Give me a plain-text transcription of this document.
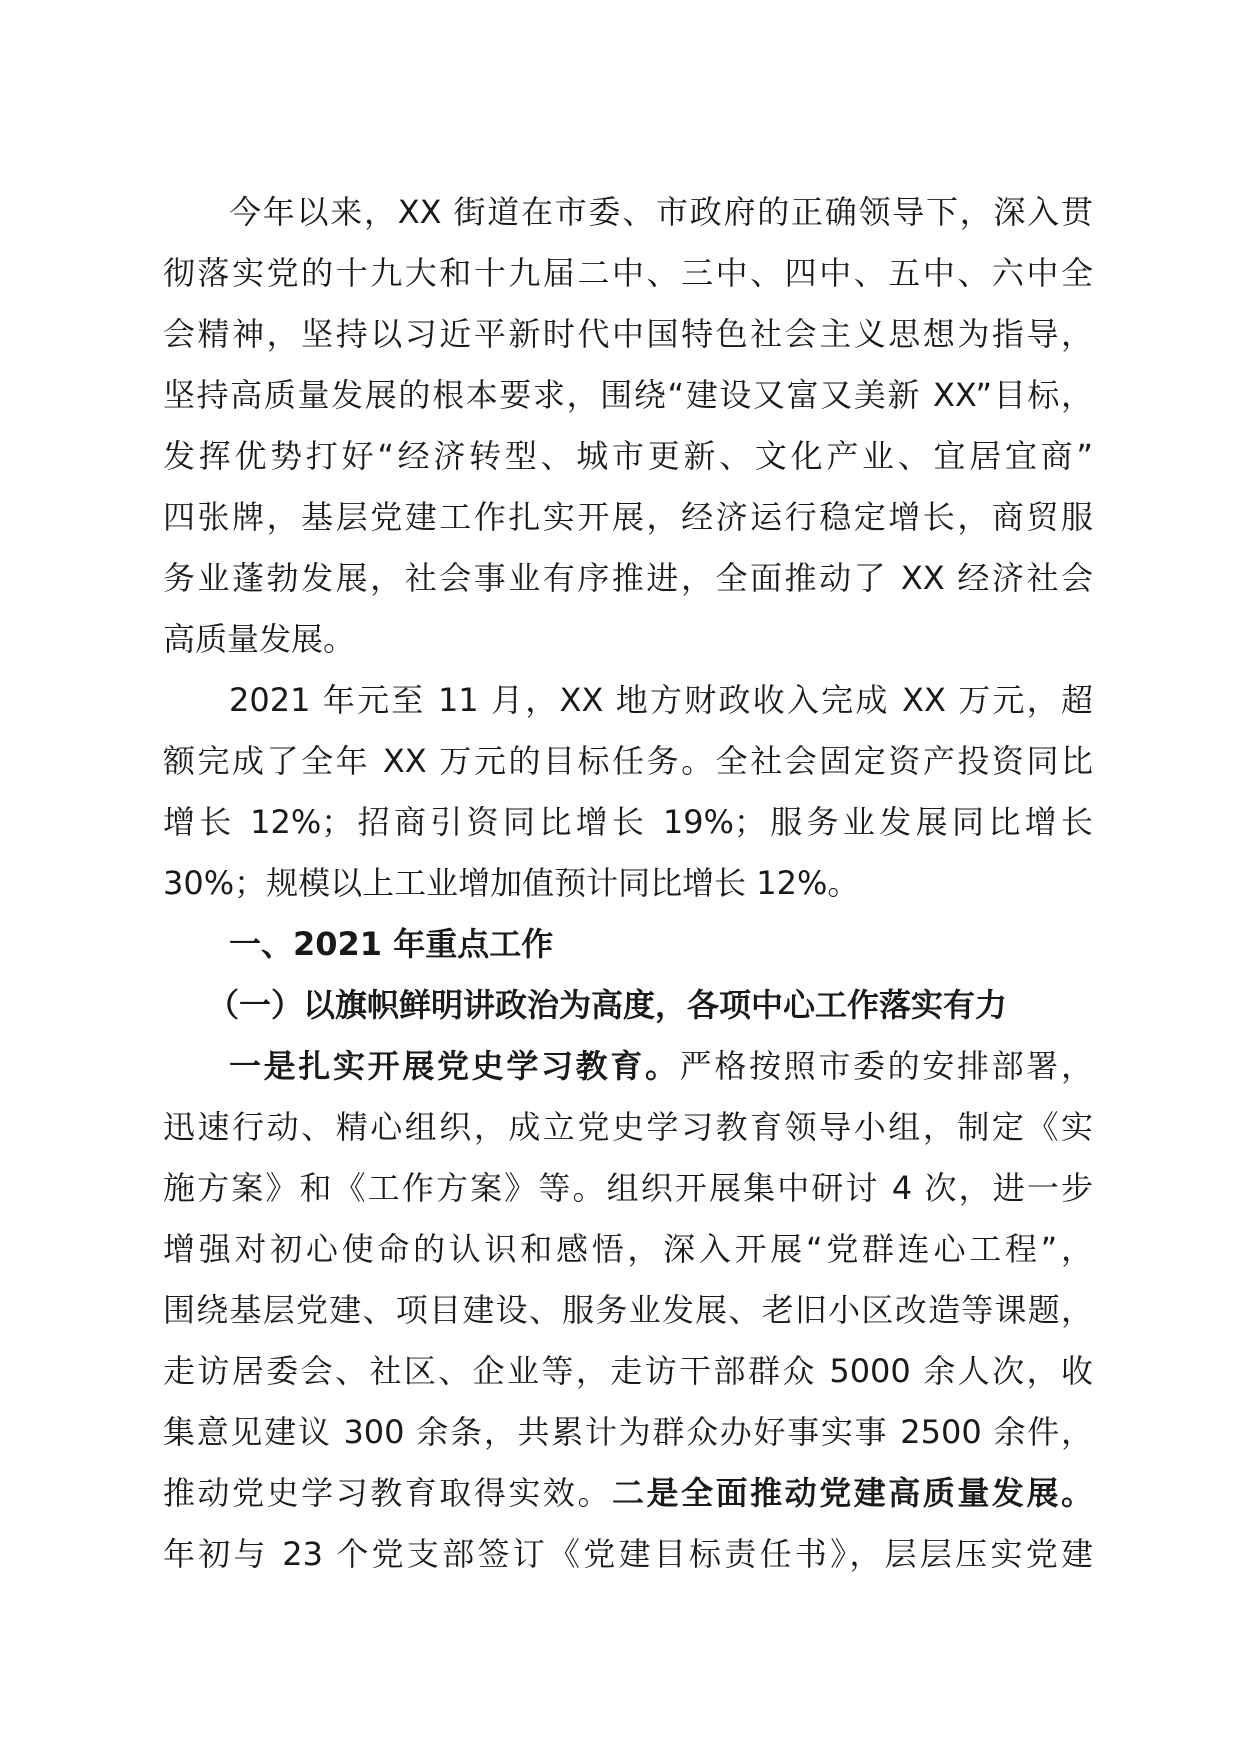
今年以来，XX 街道在市委、市政府的正确领导下，深入贯
彻落实党的十九大和十九届二中、三中、四中、五中、六中全
会精神，坚持以习近平新时代中国特色社会主义思想为指导，
坚持高质量发展的根本要求，围绕“建设又富又美新 XX”目标，
发挥优势打好“经济转型、城市更新、文化产业、宜居宜商”
四张牌，基层党建工作扎实开展，经济运行稳定增长，商贸服
务业蓬勃发展，社会事业有序推进，全面推动了 XX 经济社会
高质量发展。
2021 年元至 11 月，XX 地方财政收入完成 XX 万元，超
额完成了全年 XX 万元的目标任务。全社会固定资产投资同比
增长 12%；招商引资同比增长 19%；服务业发展同比增长
30%；规模以上工业增加值预计同比增长 12%。
一、2021 年重点工作
（一）以旗帜鲜明讲政治为高度，各项中心工作落实有力
一是扎实开展党史学习教育。严格按照市委的安排部署，
迅速行动、精心组织，成立党史学习教育领导小组，制定《实
施方案》和《工作方案》等。组织开展集中研讨 4 次，进一步
增强对初心使命的认识和感悟，深入开展“党群连心工程”，
围绕基层党建、项目建设、服务业发展、老旧小区改造等课题，
走访居委会、社区、企业等，走访干部群众 5000 余人次，收
集意见建议 300 余条，共累计为群众办好事实事 2500 余件，
推动党史学习教育取得实效。二是全面推动党建高质量发展。
年初与 23 个党支部签订《党建目标责任书》，层层压实党建
